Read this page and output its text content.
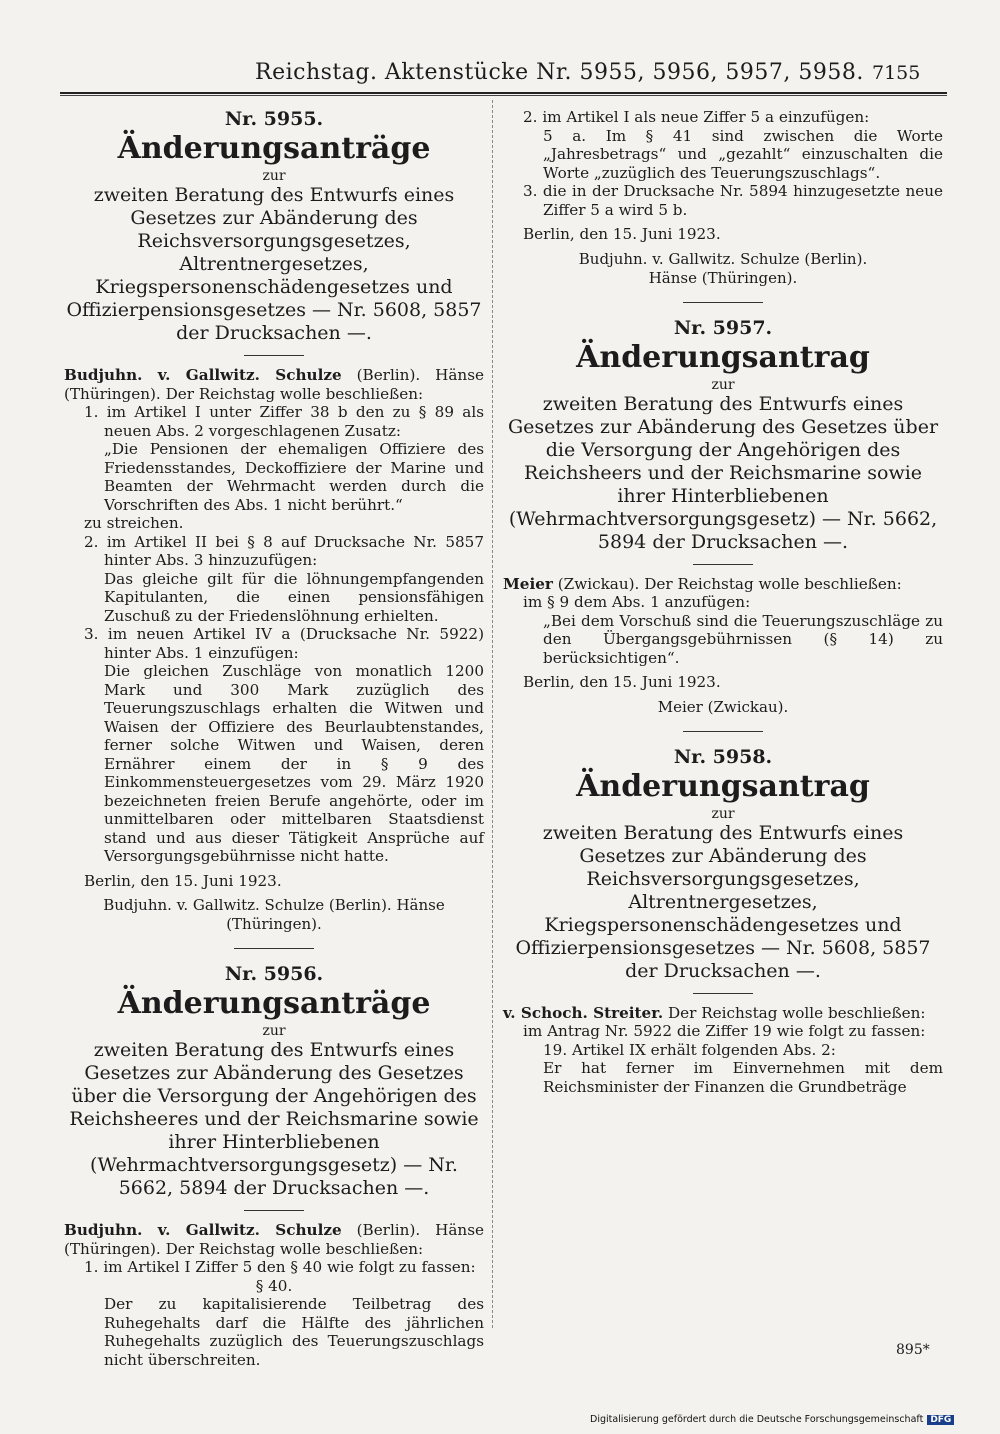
Reichstag. Aktenstücke Nr. 5955, 5956, 5957, 5958. 7155
Nr. 5955.
Änderungsanträge
zur
zweiten Beratung des Entwurfs eines Gesetzes zur Abänderung des Reichsversorgungsgesetzes, Altrentnergesetzes, Kriegspersonenschädengesetzes und Offizierpensionsgesetzes — Nr. 5608, 5857 der Drucksachen —.
Budjuhn. v. Gallwitz. Schulze (Berlin). Hänse (Thüringen). Der Reichstag wolle beschließen:
1. im Artikel I unter Ziffer 38 b den zu § 89 als neuen Abs. 2 vorgeschlagenen Zusatz:
„Die Pensionen der ehemaligen Offiziere des Friedensstandes, Deckoffiziere der Marine und Beamten der Wehrmacht werden durch die Vorschriften des Abs. 1 nicht berührt.“
zu streichen.
2. im Artikel II bei § 8 auf Drucksache Nr. 5857 hinter Abs. 3 hinzuzufügen:
Das gleiche gilt für die löhnungempfangenden Kapitulanten, die einen pensionsfähigen Zuschuß zu der Friedenslöhnung erhielten.
3. im neuen Artikel IV a (Drucksache Nr. 5922) hinter Abs. 1 einzufügen:
Die gleichen Zuschläge von monatlich 1200 Mark und 300 Mark zuzüglich des Teuerungszuschlags erhalten die Witwen und Waisen der Offiziere des Beurlaubtenstandes, ferner solche Witwen und Waisen, deren Ernährer einem der in § 9 des Einkommensteuergesetzes vom 29. März 1920 bezeichneten freien Berufe angehörte, oder im unmittelbaren oder mittelbaren Staatsdienst stand und aus dieser Tätigkeit Ansprüche auf Versorgungsgebührnisse nicht hatte.
Berlin, den 15. Juni 1923.
Budjuhn. v. Gallwitz. Schulze (Berlin). Hänse (Thüringen).
Nr. 5956.
Änderungsanträge
zur
zweiten Beratung des Entwurfs eines Gesetzes zur Abänderung des Gesetzes über die Versorgung der Angehörigen des Reichsheeres und der Reichsmarine sowie ihrer Hinterbliebenen (Wehrmachtversorgungsgesetz) — Nr. 5662, 5894 der Drucksachen —.
Budjuhn. v. Gallwitz. Schulze (Berlin). Hänse (Thüringen). Der Reichstag wolle beschließen:
1. im Artikel I Ziffer 5 den § 40 wie folgt zu fassen:
§ 40.
Der zu kapitalisierende Teilbetrag des Ruhegehalts darf die Hälfte des jährlichen Ruhegehalts zuzüglich des Teuerungszuschlags nicht überschreiten.
2. im Artikel I als neue Ziffer 5 a einzufügen:
5 a. Im § 41 sind zwischen die Worte „Jahresbetrags“ und „gezahlt“ einzuschalten die Worte „zuzüglich des Teuerungszuschlags“.
3. die in der Drucksache Nr. 5894 hinzugesetzte neue Ziffer 5 a wird 5 b.
Berlin, den 15. Juni 1923.
Budjuhn. v. Gallwitz. Schulze (Berlin).
Hänse (Thüringen).
Nr. 5957.
Änderungsantrag
zur
zweiten Beratung des Entwurfs eines Gesetzes zur Abänderung des Gesetzes über die Versorgung der Angehörigen des Reichsheers und der Reichsmarine sowie ihrer Hinterbliebenen (Wehrmachtversorgungsgesetz) — Nr. 5662, 5894 der Drucksachen —.
Meier (Zwickau). Der Reichstag wolle beschließen:
im § 9 dem Abs. 1 anzufügen:
„Bei dem Vorschuß sind die Teuerungszuschläge zu den Übergangsgebührnissen (§ 14) zu berücksichtigen“.
Berlin, den 15. Juni 1923.
Meier (Zwickau).
Nr. 5958.
Änderungsantrag
zur
zweiten Beratung des Entwurfs eines Gesetzes zur Abänderung des Reichsversorgungsgesetzes, Altrentnergesetzes, Kriegspersonenschädengesetzes und Offizierpensionsgesetzes — Nr. 5608, 5857 der Drucksachen —.
v. Schoch. Streiter. Der Reichstag wolle beschließen:
im Antrag Nr. 5922 die Ziffer 19 wie folgt zu fassen:
19. Artikel IX erhält folgenden Abs. 2:
Er hat ferner im Einvernehmen mit dem Reichsminister der Finanzen die Grundbeträge
895*
Digitalisierung gefördert durch die Deutsche Forschungsgemeinschaft DFG
